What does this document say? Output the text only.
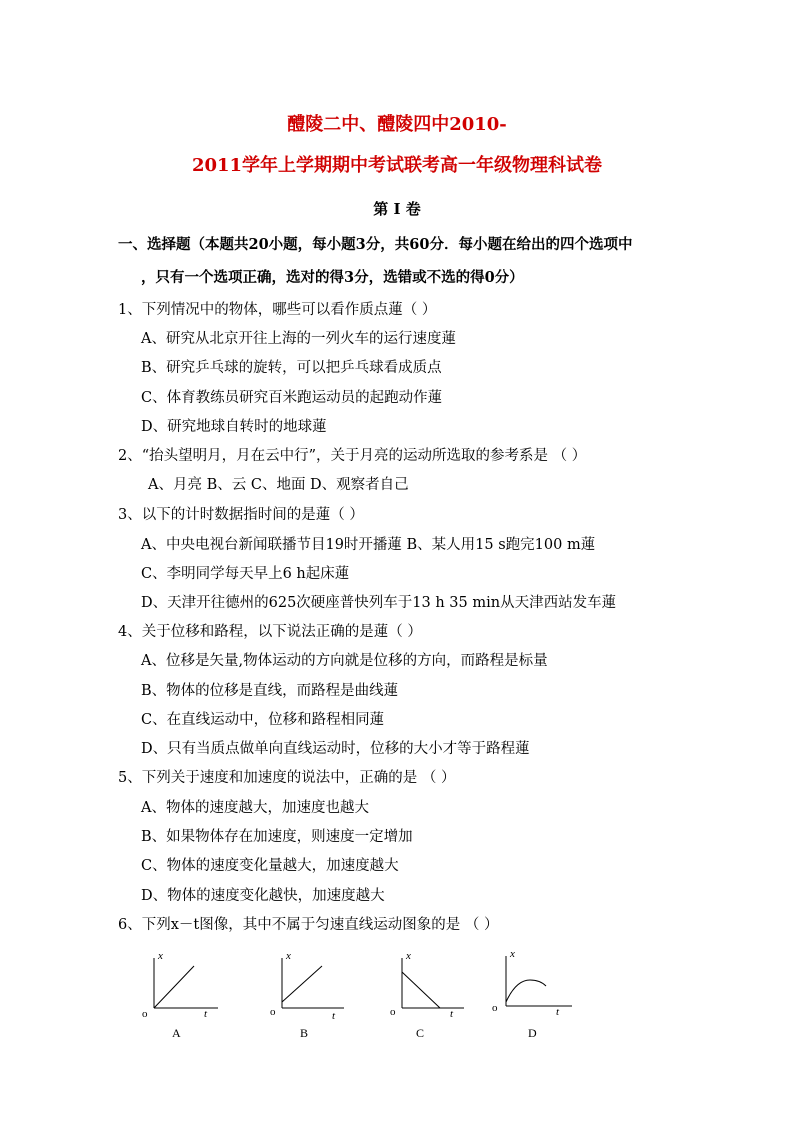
醴陵二中、醴陵四中2010-
2011学年上学期期中考试联考高一年级物理科试卷
第 I 卷
一、选择题（本题共20小题，每小题3分，共60分．每小题在给出的四个选项中
，只有一个选项正确，选对的得3分，选错或不选的得0分）
1、下列情况中的物体，哪些可以看作质点蓮（ ）
A、研究从北京开往上海的一列火车的运行速度蓮
B、研究乒乓球的旋转，可以把乒乓球看成质点
C、体育教练员研究百米跑运动员的起跑动作蓮
D、研究地球自转时的地球蓮
2、“抬头望明月，月在云中行”，关于月亮的运动所选取的参考系是 （ ）
A、月亮 B、云 C、地面 D、观察者自己
3、以下的计时数据指时间的是蓮（ ）
A、中央电视台新闻联播节目19时开播蓮 B、某人用15 s跑完100 m蓮
C、李明同学每天早上6 h起床蓮
D、天津开往德州的625次硬座普快列车于13 h 35 min从天津西站发车蓮
4、关于位移和路程，以下说法正确的是蓮（ ）
A、位移是矢量,物体运动的方向就是位移的方向，而路程是标量
B、物体的位移是直线，而路程是曲线蓮
C、在直线运动中，位移和路程相同蓮
D、只有当质点做单向直线运动时，位移的大小才等于路程蓮
5、下列关于速度和加速度的说法中，正确的是 （ ）
A、物体的速度越大，加速度也越大
B、如果物体存在加速度，则速度一定增加
C、物体的速度变化量越大，加速度越大
D、物体的速度变化越快，加速度越大
6、下列x－t图像，其中不属于匀速直线运动图象的是 （ ）
x
t
o
A
x
t
o
B
x
t
o
C
x
t
o
D
